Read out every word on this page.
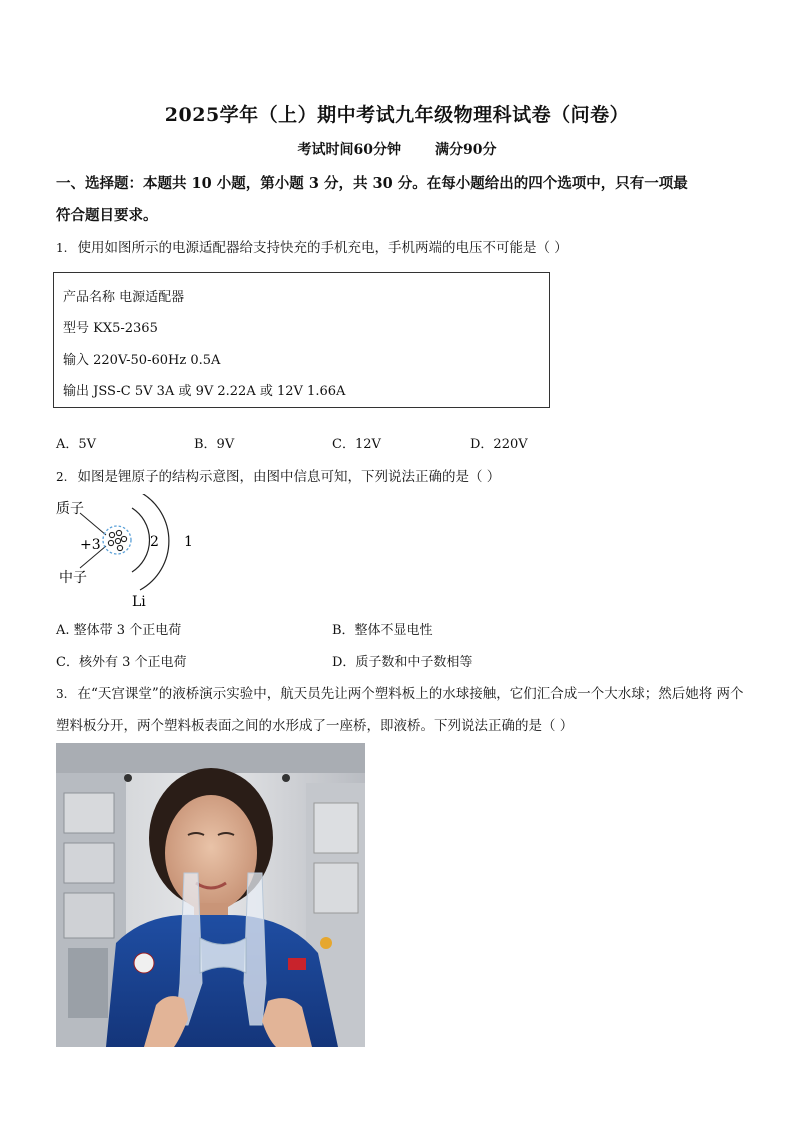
2025学年（上）期中考试九年级物理科试卷（问卷）
考试时间60分钟 满分90分
一、选择题：本题共 10 小题，第小题 3 分，共 30 分。在每小题给出的四个选项中，只有一项最
符合题目要求。
1. 使用如图所示的电源适配器给支持快充的手机充电，手机两端的电压不可能是（ ）
产品名称 电源适配器
型号 KX5-2365
输入 220V-50-60Hz 0.5A
输出 JSS-C 5V 3A 或 9V 2.22A 或 12V 1.66A
A．5V	B．9V	C．12V	D．220V
2. 如图是锂原子的结构示意图，由图中信息可知，下列说法正确的是（ ）
质子
+3	2 1
中子
Li
A. 整体带 3 个正电荷	B．整体不显电性
C．核外有 3 个正电荷	D．质子数和中子数相等
3. 在“天宫课堂”的液桥演示实验中，航天员先让两个塑料板上的水球接触，它们汇合成一个大水球；然后她将 两个
塑料板分开，两个塑料板表面之间的水形成了一座桥，即液桥。下列说法正确的是（ ）
